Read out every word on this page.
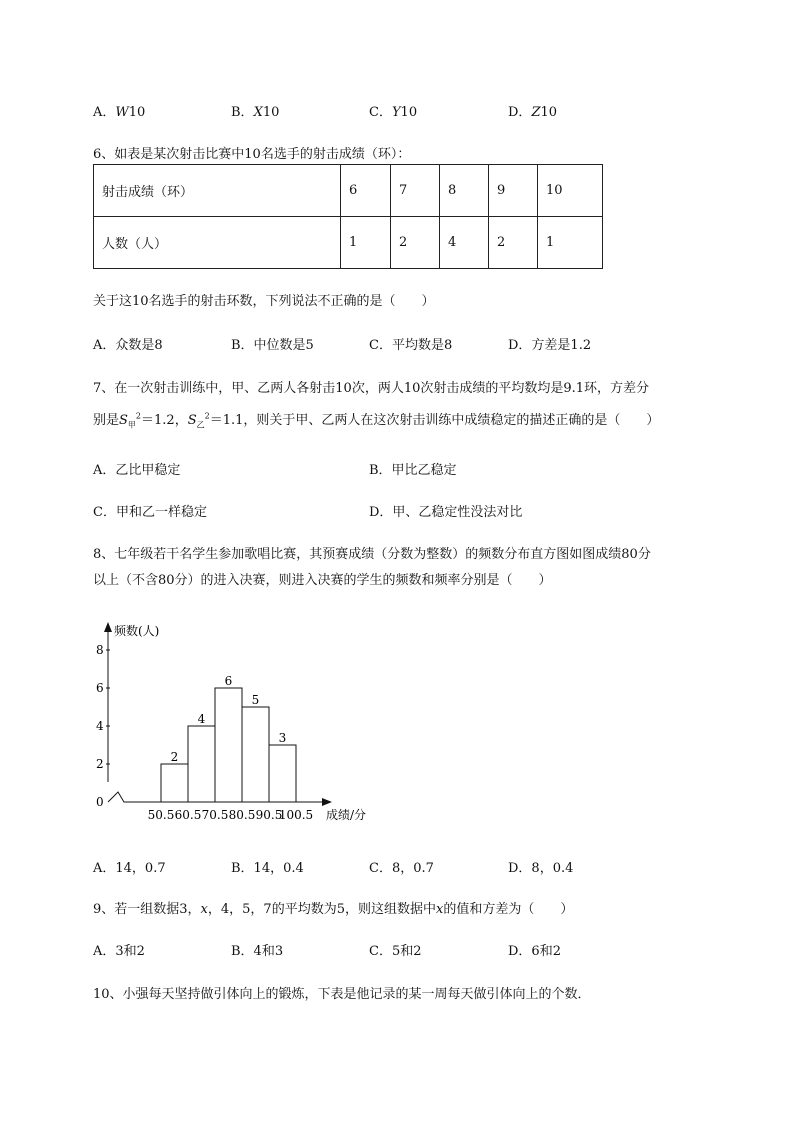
A．W10	B．X10	C．Y10	D．Z10
6、如表是某次射击比赛中10名选手的射击成绩（环）：
射击成绩（环）	6	7	8	9	10
人数（人）	1	2	4	2	1
关于这10名选手的射击环数，下列说法不正确的是（　　）
A．众数是8	B．中位数是5	C．平均数是8	D．方差是1.2
7、在一次射击训练中，甲、乙两人各射击10次，两人10次射击成绩的平均数均是9.1环，方差分
别是$S_甲^2=1.2$，$S_乙^2=1.1$，则关于甲、乙两人在这次射击训练中成绩稳定的描述正确的是（　　）
A．乙比甲稳定	B．甲比乙稳定
C．甲和乙一样稳定	D．甲、乙稳定性没法对比
8、七年级若干名学生参加歌唱比赛，其预赛成绩（分数为整数）的频数分布直方图如图成绩80分
以上（不含80分）的进入决赛，则进入决赛的学生的频数和频率分别是（　　）
频数(人)
成绩/分
0
2
4
6
8
50.5 60.5 70.5 80.5 90.5
100.5
2
4
6
5
3
A．14，0.7	B．14，0.4	C．8，0.7	D．8，0.4
9、若一组数据3，x，4，5，7的平均数为5，则这组数据中x的值和方差为（　　）
A．3和2	B．4和3	C．5和2	D．6和2
10、小强每天坚持做引体向上的锻炼，下表是他记录的某一周每天做引体向上的个数．
